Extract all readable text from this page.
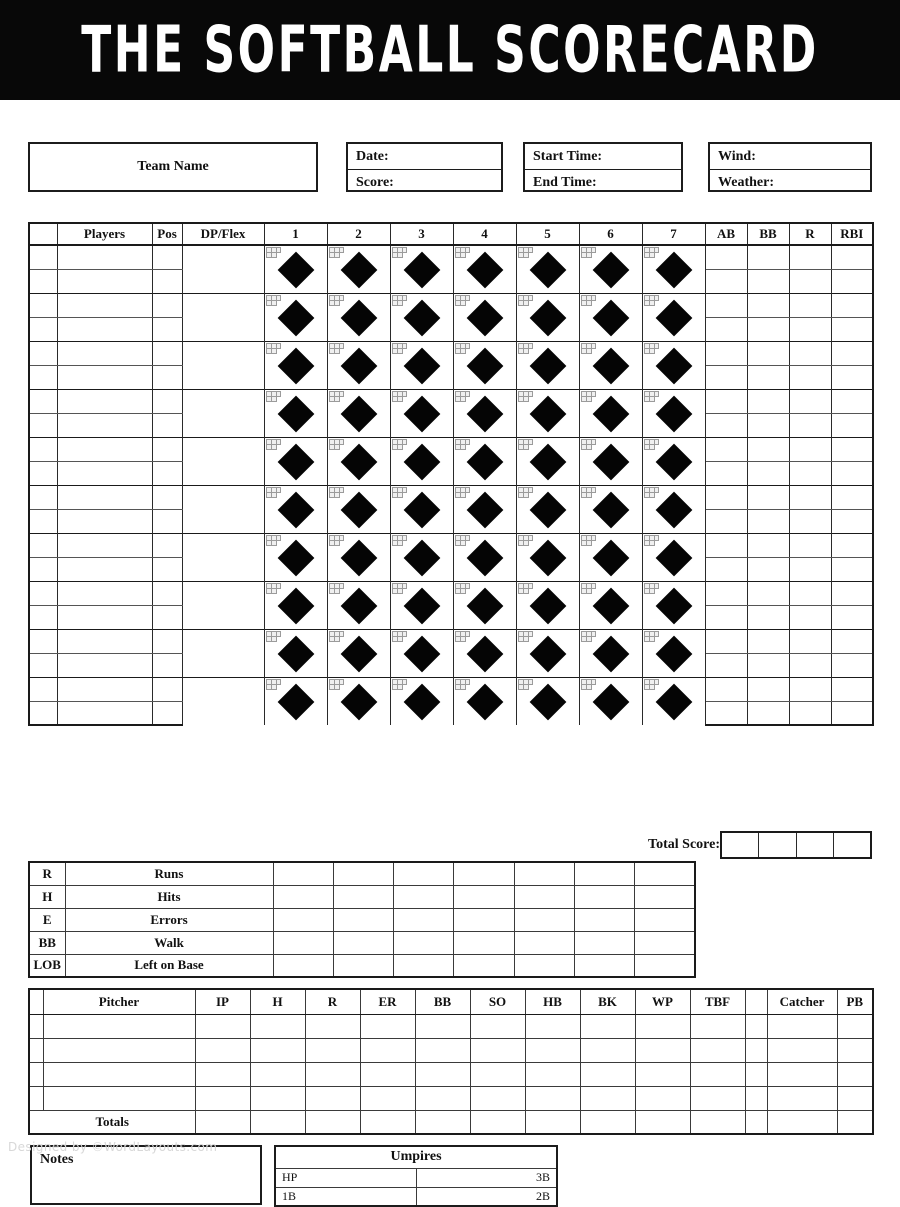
THE SOFTBALL SCORECARD
Team Name
Date:
Score:
Start Time:
End Time:
Wind:
Weather:
	Players	Pos	DP/Flex	1	2	3	4	5	6	7	AB	BB	R	RBI

Total Score:

R	Runs							
H	Hits							
E	Errors							
BB	Walk							
LOB	Left on Base							
	Pitcher	IP	H	R	ER	BB	SO	HB	BK	WP	TBF		Catcher	PB

Totals														
Notes	Umpires	
HP	3B
1B	2B
Designed by ©WordLayouts.com
